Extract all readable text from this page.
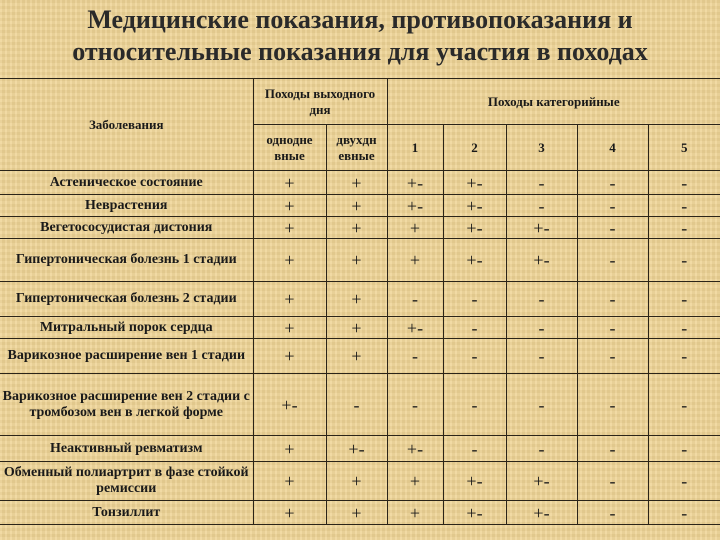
Медицинские показания, противопоказания и
относительные показания для участия в походах
Заболевания	Походы выходного дня		Походы категорийные				
	однодне вные	двухдн евные	1	2	3	4	5
Астеническое состояние	+	+	+-	+-	-	-	-
Неврастения	+	+	+-	+-	-	-	-
Вегетососудистая дистония	+	+	+	+-	+-	-	-
Гипертоническая болезнь 1 стадии	+	+	+	+-	+-	-	-
Гипертоническая болезнь 2 стадии	+	+	-	-	-	-	-
Митральный порок сердца	+	+	+-	-	-	-	-
Варикозное расширение вен 1 стадии	+	+	-	-	-	-	-
Варикозное расширение вен 2 стадии с тромбозом вен в легкой форме	+-	-	-	-	-	-	-
Неактивный ревматизм	+	+-	+-	-	-	-	-
Обменный полиартрит в фазе стойкой ремиссии	+	+	+	+-	+-	-	-
Тонзиллит	+	+	+	+-	+-	-	-
